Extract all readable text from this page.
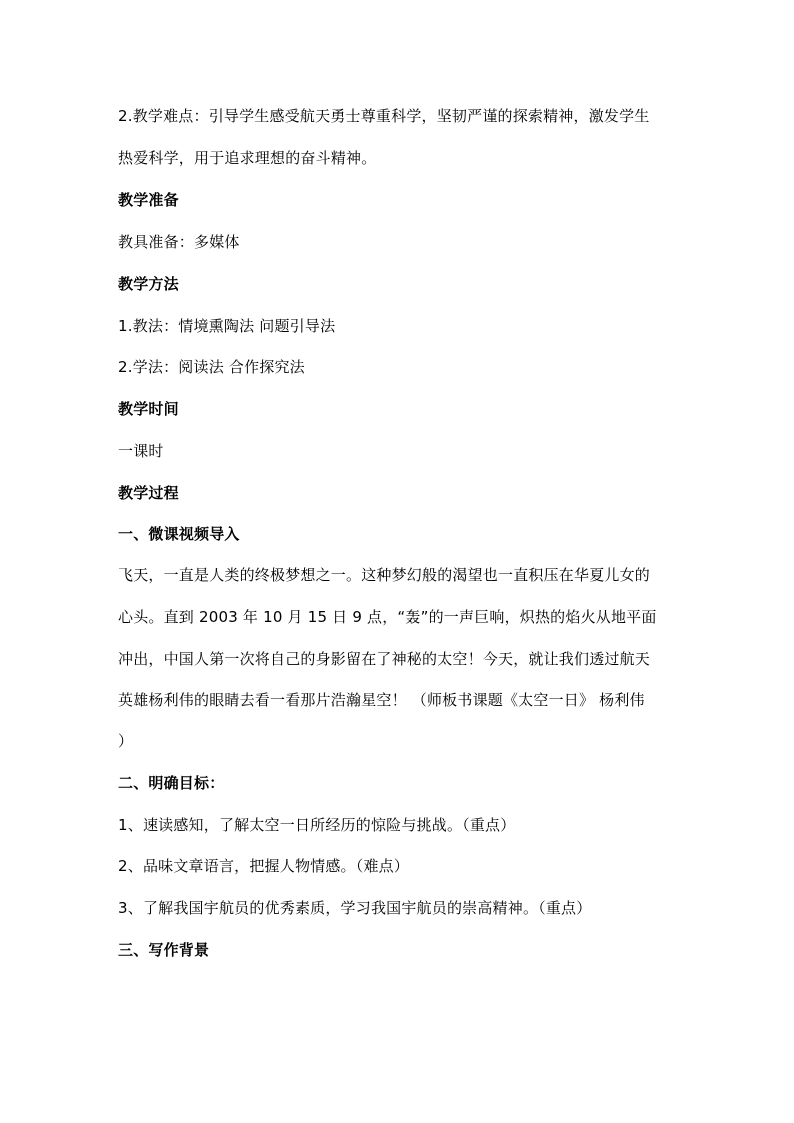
2.教学难点：引导学生感受航天勇士尊重科学，坚韧严谨的探索精神，激发学生
热爱科学，用于追求理想的奋斗精神。
教学准备
教具准备：多媒体
教学方法
1.教法：情境熏陶法 问题引导法
2.学法：阅读法 合作探究法
教学时间
一课时
教学过程
一、微课视频导入
飞天，一直是人类的终极梦想之一。这种梦幻般的渴望也一直积压在华夏儿女的
心头。直到 2003 年 10 月 15 日 9 点，“轰”的一声巨响，炽热的焰火从地平面
冲出，中国人第一次将自己的身影留在了神秘的太空！今天，就让我们透过航天
英雄杨利伟的眼睛去看一看那片浩瀚星空！ （师板书课题《太空一日》 杨利伟
）
二、明确目标：
1、速读感知，了解太空一日所经历的惊险与挑战。（重点）
2、品味文章语言，把握人物情感。（难点）
3、了解我国宇航员的优秀素质，学习我国宇航员的崇高精神。（重点）
三、写作背景
